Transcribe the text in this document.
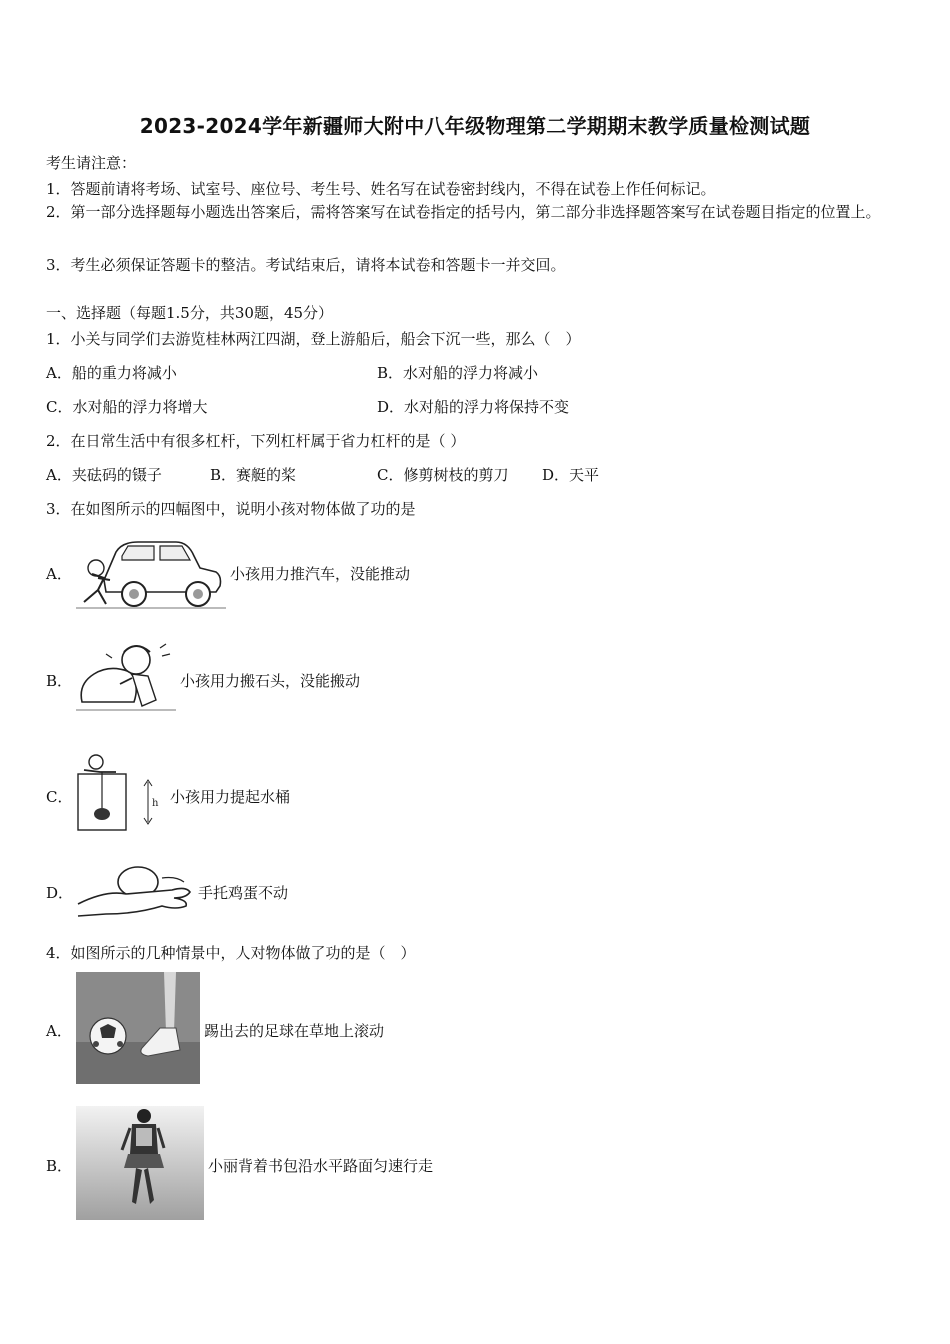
2023-2024学年新疆师大附中八年级物理第二学期期末教学质量检测试题
考生请注意：
1．答题前请将考场、试室号、座位号、考生号、姓名写在试卷密封线内，不得在试卷上作任何标记。
2．第一部分选择题每小题选出答案后，需将答案写在试卷指定的括号内，第二部分非选择题答案写在试卷题目指定的位置上。
3．考生必须保证答题卡的整洁。考试结束后，请将本试卷和答题卡一并交回。
一、选择题（每题1.5分，共30题，45分）
1．小关与同学们去游览桂林两江四湖，登上游船后，船会下沉一些，那么（　）
A．船的重力将减小	B．水对船的浮力将减小
C．水对船的浮力将增大	D．水对船的浮力将保持不变
2．在日常生活中有很多杠杆，下列杠杆属于省力杠杆的是（ ）
A．夹砝码的镊子	B．赛艇的桨	C．修剪树枝的剪刀 D．天平
3．在如图所示的四幅图中，说明小孩对物体做了功的是
A．	小孩用力推汽车，没能推动
B．	小孩用力搬石头，没能搬动
C．	h 小孩用力提起水桶
D．	手托鸡蛋不动
4．如图所示的几种情景中，人对物体做了功的是（　）
A．	踢出去的足球在草地上滚动
B．	小丽背着书包沿水平路面匀速行走
